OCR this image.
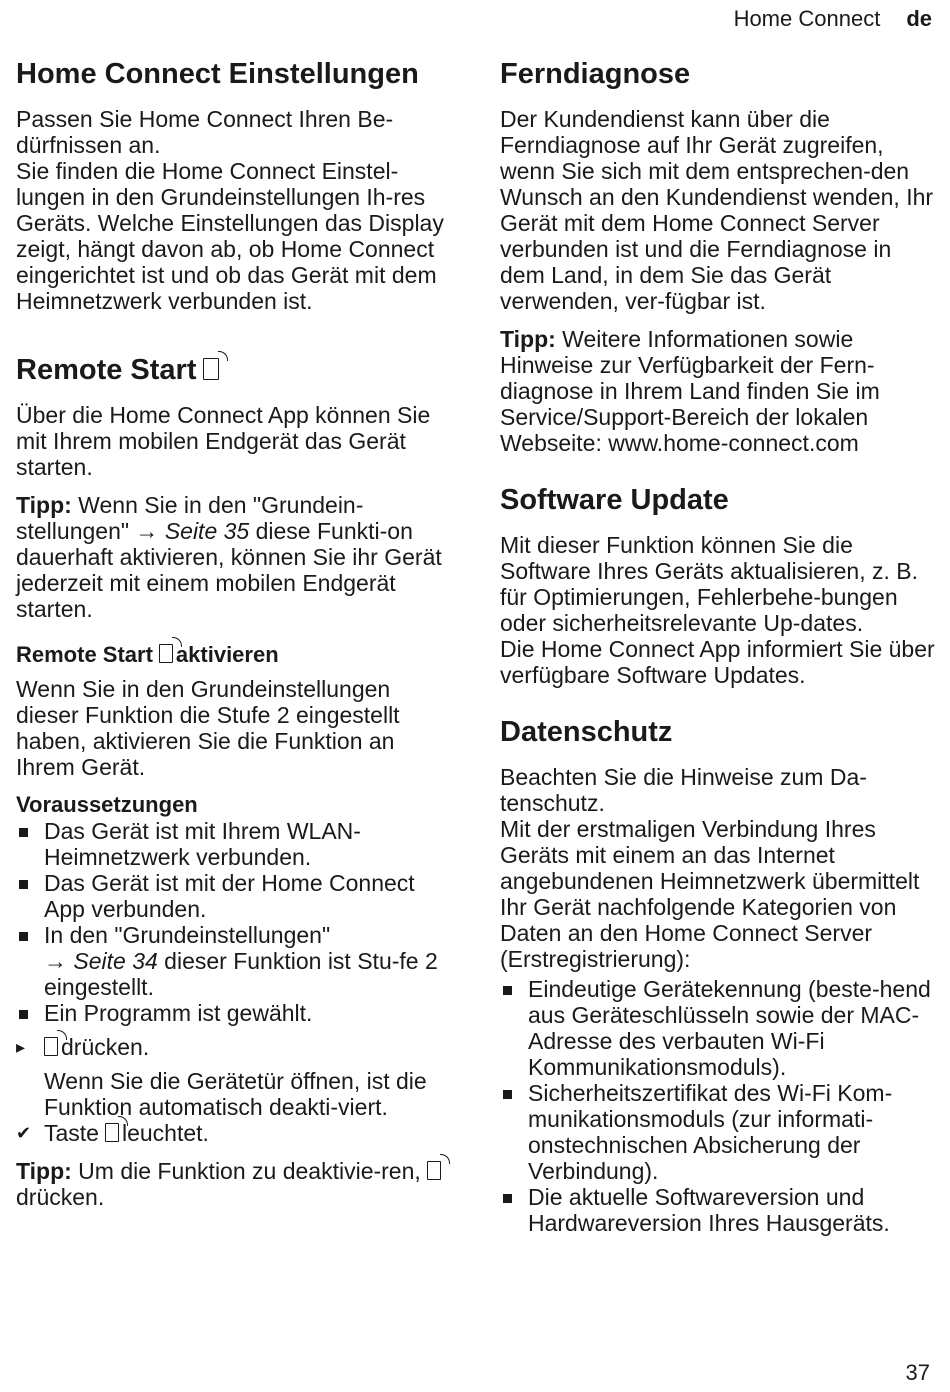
Home Connect de
Home Connect Einstellungen

Passen Sie Home Connect Ihren Be-dürfnissen an.

Sie finden die Home Connect Einstel-lungen in den Grundeinstellungen Ih-res Geräts. Welche Einstellungen das Display zeigt, hängt davon ab, ob Home Connect eingerichtet ist und ob das Gerät mit dem Heimnetzwerk verbunden ist.

Remote Start

Über die Home Connect App können Sie mit Ihrem mobilen Endgerät das Gerät starten.

Tipp: Wenn Sie in den "Grundein-stellungen" → Seite 35 diese Funkti-on dauerhaft aktivieren, können Sie ihr Gerät jederzeit mit einem mobilen Endgerät starten.

Remote Start aktivieren

Wenn Sie in den Grundeinstellungen dieser Funktion die Stufe 2 eingestellt haben, aktivieren Sie die Funktion an Ihrem Gerät.

Voraussetzungen
Das Gerät ist mit Ihrem WLAN-Heimnetzwerk verbunden.
Das Gerät ist mit der Home Connect App verbunden.
In den "Grundeinstellungen"
→ Seite 34 dieser Funktion ist Stu-fe 2 eingestellt.
Ein Programm ist gewählt.
▸ drücken.
Wenn Sie die Gerätetür öffnen, ist die Funktion automatisch deakti-viert.
✔ Taste leuchtet.

Tipp: Um die Funktion zu deaktivie-ren,drücken.

Ferndiagnose

Der Kundendienst kann über die Ferndiagnose auf Ihr Gerät zugreifen, wenn Sie sich mit dem entsprechen-den Wunsch an den Kundendienst wenden, Ihr Gerät mit dem Home Connect Server verbunden ist und die Ferndiagnose in dem Land, in dem Sie das Gerät verwenden, ver-fügbar ist.

Tipp: Weitere Informationen sowie Hinweise zur Verfügbarkeit der Fern-diagnose in Ihrem Land finden Sie im Service/Support-Bereich der lokalen Webseite: www.home-connect.com

Software Update

Mit dieser Funktion können Sie die Software Ihres Geräts aktualisieren, z. B. für Optimierungen, Fehlerbehe-bungen oder sicherheitsrelevante Up-dates.

Die Home Connect App informiert Sie über verfügbare Software Updates.

Datenschutz

Beachten Sie die Hinweise zum Da-tenschutz.

Mit der erstmaligen Verbindung Ihres Geräts mit einem an das Internet angebundenen Heimnetzwerk übermittelt Ihr Gerät nachfolgende Kategorien von Daten an den Home Connect Server (Erstregistrierung):

Eindeutige Gerätekennung (beste-hend aus Geräteschlüsseln sowie der MAC-Adresse des verbauten Wi-Fi Kommunikationsmoduls).
Sicherheitszertifikat des Wi-Fi Kom-munikationsmoduls (zur informati-onstechnischen Absicherung der Verbindung).
Die aktuelle Softwareversion und Hardwareversion Ihres Hausgeräts.
37
